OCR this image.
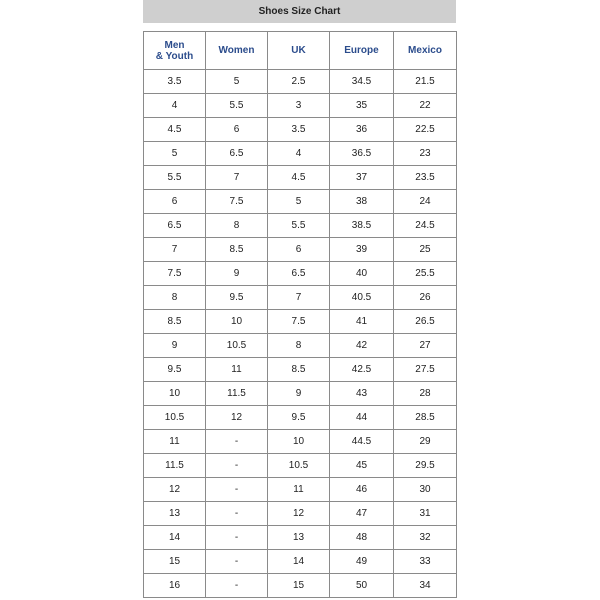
Shoes Size Chart
Men
& Youth	Women	UK	Europe	Mexico
3.5	5	2.5	34.5	21.5
4	5.5	3	35	22
4.5	6	3.5	36	22.5
5	6.5	4	36.5	23
5.5	7	4.5	37	23.5
6	7.5	5	38	24
6.5	8	5.5	38.5	24.5
7	8.5	6	39	25
7.5	9	6.5	40	25.5
8	9.5	7	40.5	26
8.5	10	7.5	41	26.5
9	10.5	8	42	27
9.5	11	8.5	42.5	27.5
10	11.5	9	43	28
10.5	12	9.5	44	28.5
11	-	10	44.5	29
11.5	-	10.5	45	29.5
12	-	11	46	30
13	-	12	47	31
14	-	13	48	32
15	-	14	49	33
16	-	15	50	34
